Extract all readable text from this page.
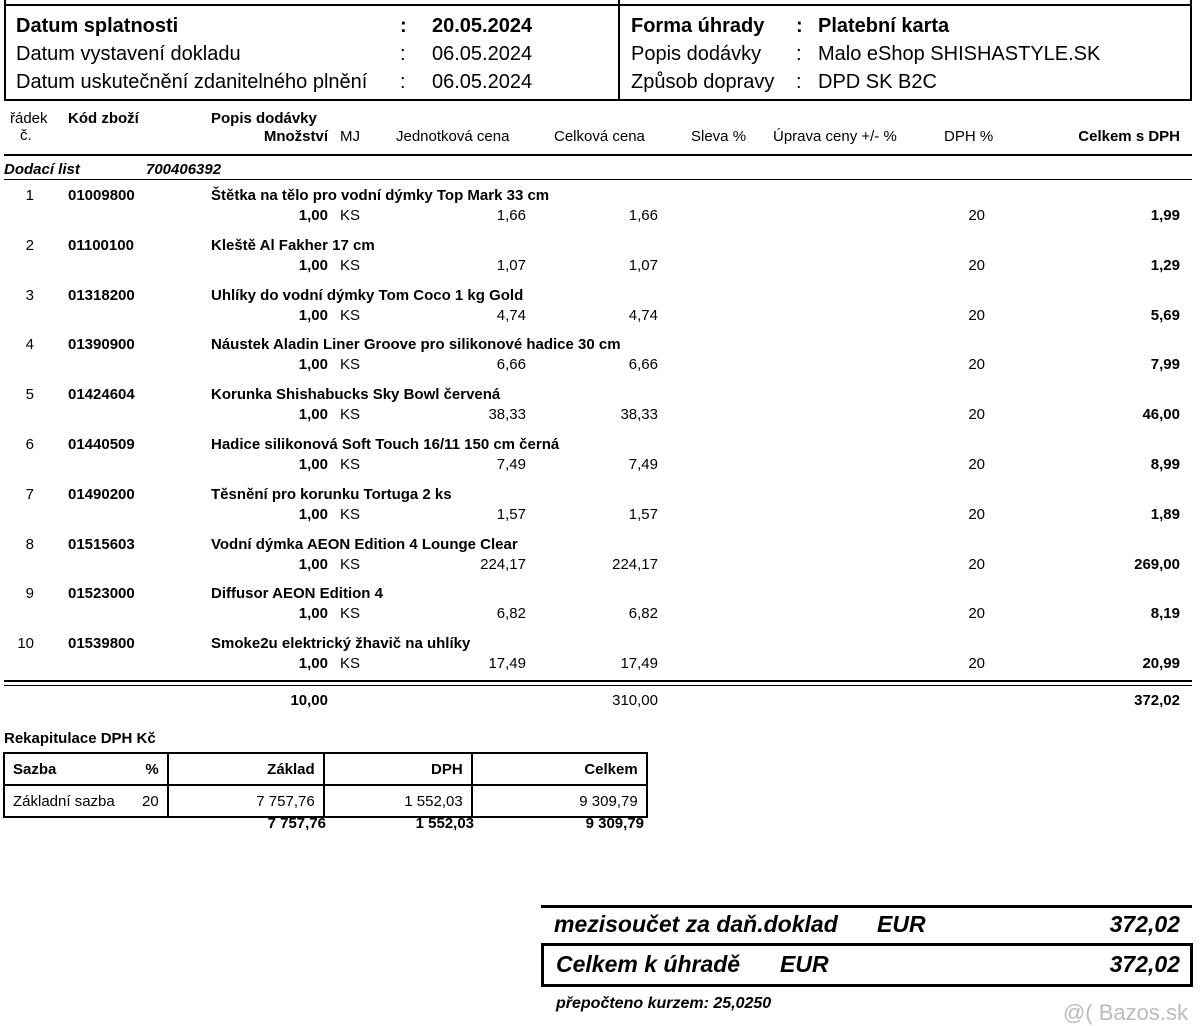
Datum splatnosti	: 20.05.2024
Datum vystavení dokladu	: 06.05.2024
Datum uskutečnění zdanitelného plnění : 06.05.2024
Forma úhrady : Platební karta
Popis dodávky : Malo eShop SHISHASTYLE.SK
Způsob dopravy : DPD SK B2C
řádek
č.
Kód zboží	Popis dodávky
Množství MJ Jednotková cena	Celková cena	Sleva % Úprava ceny +/- %	DPH %	Celkem s DPH
Dodací list	700406392
1 01009800	Štětka na tělo pro vodní dýmky Top Mark 33 cm
1,00 KS	1,66	1,66	20	1,99
2 01100100	Kleště Al Fakher 17 cm
1,00 KS	1,07	1,07	20	1,29
3 01318200	Uhlíky do vodní dýmky Tom Coco 1 kg Gold
1,00 KS	4,74	4,74	20	5,69
4 01390900	Náustek Aladin Liner Groove pro silikonové hadice 30 cm
1,00 KS	6,66	6,66	20	7,99
5 01424604	Korunka Shishabucks Sky Bowl červená
1,00 KS	38,33	38,33	20	46,00
6 01440509	Hadice silikonová Soft Touch 16/11 150 cm černá
1,00 KS	7,49	7,49	20	8,99
7 01490200	Těsnění pro korunku Tortuga 2 ks
1,00 KS	1,57	1,57	20	1,89
8 01515603	Vodní dýmka AEON Edition 4 Lounge Clear
1,00 KS	224,17	224,17	20	269,00
9 01523000	Diffusor AEON Edition 4
1,00 KS	6,82	6,82	20	8,19
10 01539800	Smoke2u elektrický žhavič na uhlíky
1,00 KS	17,49	17,49	20	20,99
10,00	310,00	372,02
Rekapitulace DPH Kč
Sazba	%	Základ	DPH	Celkem
Základní sazba	20	7 757,76	1 552,03	9 309,79
7 757,76	1 552,03	9 309,79
mezisoučet za daň.doklad EUR	372,02
Celkem k úhradě EUR	372,02
přepočteno kurzem: 25,0250	@( Bazos.sk
